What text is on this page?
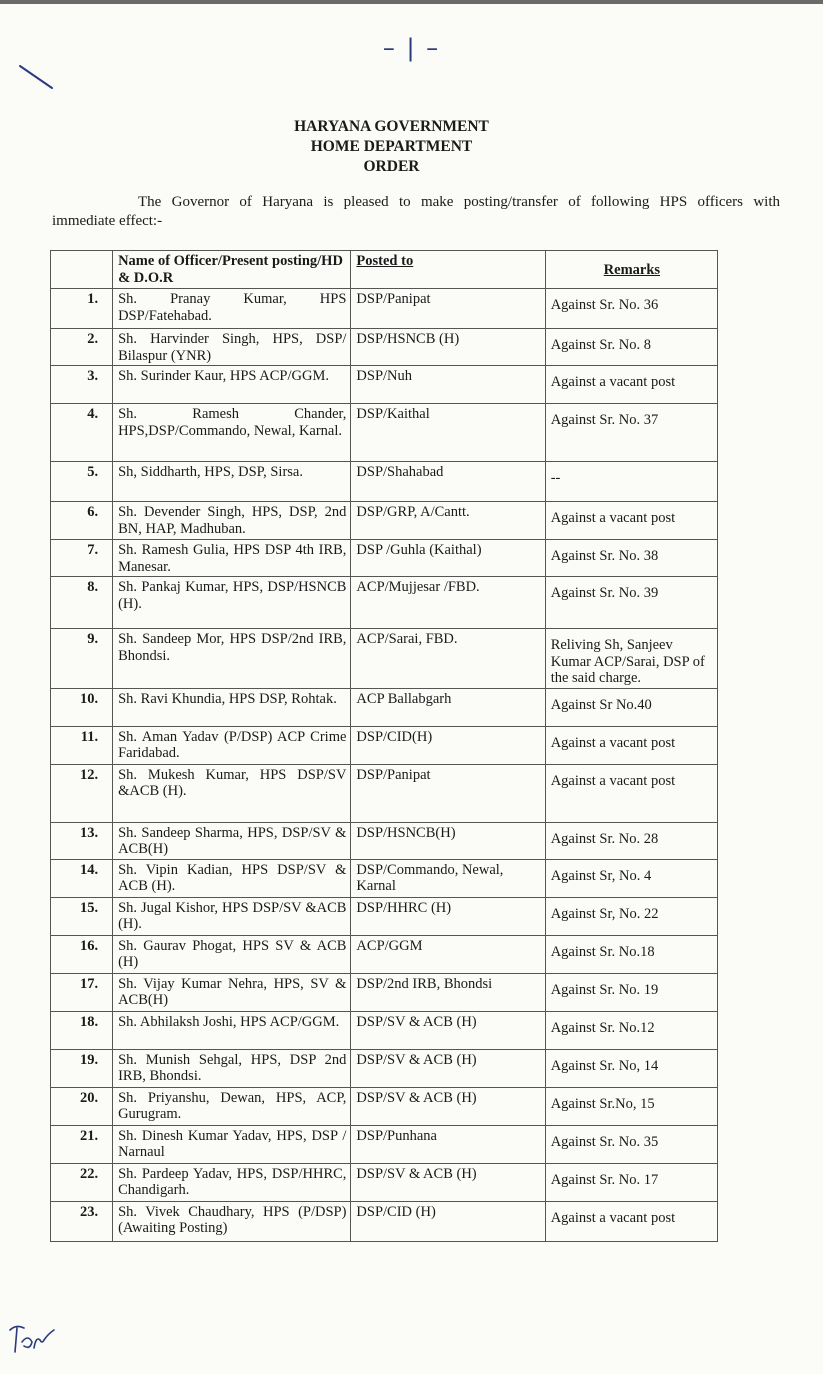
– | –
HARYANA GOVERNMENT
HOME DEPARTMENT
ORDER
The Governor of Haryana is pleased to make posting/transfer of following HPS officers with
immediate effect:-
	Name of Officer/Present posting/HD & D.O.R	Posted to	Remarks
1.	Sh. Pranay Kumar, HPS DSP/Fatehabad.	DSP/Panipat	Against Sr. No. 36
2.	Sh. Harvinder Singh, HPS, DSP/ Bilaspur (YNR)	DSP/HSNCB (H)	Against Sr. No. 8
3.	Sh. Surinder Kaur, HPS ACP/GGM.	DSP/Nuh	Against a vacant post
4.	Sh. Ramesh Chander, HPS,DSP/Commando, Newal, Karnal.	DSP/Kaithal	Against Sr. No. 37
5.	Sh, Siddharth, HPS, DSP, Sirsa.	DSP/Shahabad	--
6.	Sh. Devender Singh, HPS, DSP, 2nd BN, HAP, Madhuban.	DSP/GRP, A/Cantt.	Against a vacant post
7.	Sh. Ramesh Gulia, HPS DSP 4th IRB, Manesar.	DSP /Guhla (Kaithal)	Against Sr. No. 38
8.	Sh. Pankaj Kumar, HPS, DSP/HSNCB (H).	ACP/Mujjesar /FBD.	Against Sr. No. 39
9.	Sh. Sandeep Mor, HPS DSP/2nd IRB, Bhondsi.	ACP/Sarai, FBD.	Reliving Sh, Sanjeev Kumar ACP/Sarai, DSP of the said charge.
10.	Sh. Ravi Khundia, HPS DSP, Rohtak.	ACP Ballabgarh	Against Sr No.40
11.	Sh. Aman Yadav (P/DSP) ACP Crime Faridabad.	DSP/CID(H)	Against a vacant post
12.	Sh. Mukesh Kumar, HPS DSP/SV &ACB (H).	DSP/Panipat	Against a vacant post
13.	Sh. Sandeep Sharma, HPS, DSP/SV & ACB(H)	DSP/HSNCB(H)	Against Sr. No. 28
14.	Sh. Vipin Kadian, HPS DSP/SV & ACB (H).	DSP/Commando, Newal, Karnal	Against Sr, No. 4
15.	Sh. Jugal Kishor, HPS DSP/SV &ACB (H).	DSP/HHRC (H)	Against Sr, No. 22
16.	Sh. Gaurav Phogat, HPS SV & ACB (H)	ACP/GGM	Against Sr. No.18
17.	Sh. Vijay Kumar Nehra, HPS, SV & ACB(H)	DSP/2nd IRB, Bhondsi	Against Sr. No. 19
18.	Sh. Abhilaksh Joshi, HPS ACP/GGM.	DSP/SV & ACB (H)	Against Sr. No.12
19.	Sh. Munish Sehgal, HPS, DSP 2nd IRB, Bhondsi.	DSP/SV & ACB (H)	Against Sr. No, 14
20.	Sh. Priyanshu, Dewan, HPS, ACP, Gurugram.	DSP/SV & ACB (H)	Against Sr.No, 15
21.	Sh. Dinesh Kumar Yadav, HPS, DSP / Narnaul	DSP/Punhana	Against Sr. No. 35
22.	Sh. Pardeep Yadav, HPS, DSP/HHRC, Chandigarh.	DSP/SV & ACB (H)	Against Sr. No. 17
23.	Sh. Vivek Chaudhary, HPS (P/DSP) (Awaiting Posting)	DSP/CID (H)	Against a vacant post
